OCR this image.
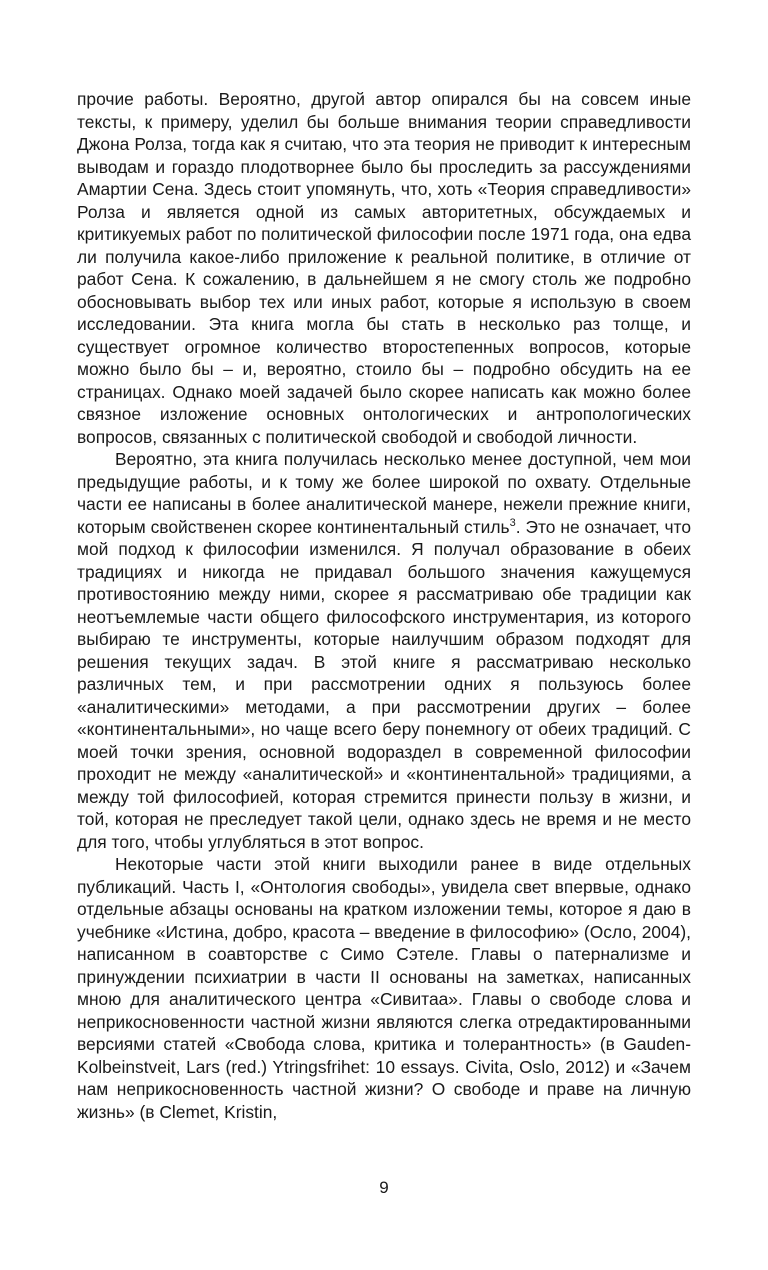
прочие работы. Вероятно, другой автор опирался бы на совсем иные тексты, к примеру, уделил бы больше внимания теории справедливости Джона Ролза, тогда как я считаю, что эта теория не приводит к интересным выводам и гораздо плодотворнее было бы проследить за рассуждениями Амартии Сена. Здесь стоит упомянуть, что, хоть «Теория справедливости» Ролза и является одной из самых авторитетных, обсуждаемых и критикуемых работ по политической философии после 1971 года, она едва ли получила какое-либо приложение к реальной политике, в отличие от работ Сена. К сожалению, в дальнейшем я не смогу столь же подробно обосновывать выбор тех или иных работ, которые я использую в своем исследовании. Эта книга могла бы стать в несколько раз толще, и существует огромное количество второстепенных вопросов, которые можно было бы – и, вероятно, стоило бы – подробно обсудить на ее страницах. Однако моей задачей было скорее написать как можно более связное изложение основных онтологических и антропологических вопросов, связанных с политической свободой и свободой личности.

Вероятно, эта книга получилась несколько менее доступной, чем мои предыдущие работы, и к тому же более широкой по охвату. Отдельные части ее написаны в более аналитической манере, нежели прежние книги, которым свойственен скорее континентальный стиль$^3$. Это не означает, что мой подход к философии изменился. Я получал образование в обеих традициях и никогда не придавал большого значения кажущемуся противостоянию между ними, скорее я рассматриваю обе традиции как неотъемлемые части общего философского инструментария, из которого выбираю те инструменты, которые наилучшим образом подходят для решения текущих задач. В этой книге я рассматриваю несколько различных тем, и при рассмотрении одних я пользуюсь более «аналитическими» методами, а при рассмотрении других – более «континентальными», но чаще всего беру понемногу от обеих традиций. С моей точки зрения, основной водораздел в современной философии проходит не между «аналитической» и «континентальной» традициями, а между той философией, которая стремится принести пользу в жизни, и той, которая не преследует такой цели, однако здесь не время и не место для того, чтобы углубляться в этот вопрос.

Некоторые части этой книги выходили ранее в виде отдельных публикаций. Часть I, «Онтология свободы», увидела свет впервые, однако отдельные абзацы основаны на кратком изложении темы, которое я даю в учебнике «Истина, добро, красота – введение в философию» (Осло, 2004), написанном в соавторстве с Симо Сэтеле. Главы о патернализме и принуждении психиатрии в части II основаны на заметках, написанных мною для аналитического центра «Сивитаа». Главы о свободе слова и неприкосновенности частной жизни являются слегка отредактированными версиями статей «Свобода слова, критика и толерантность» (в Gauden-Kolbeinstveit, Lars (red.) Ytringsfrihet: 10 essays. Civita, Oslo, 2012) и «Зачем нам неприкосновенность частной жизни? О свободе и праве на личную жизнь» (в Clemet, Kristin,

9
